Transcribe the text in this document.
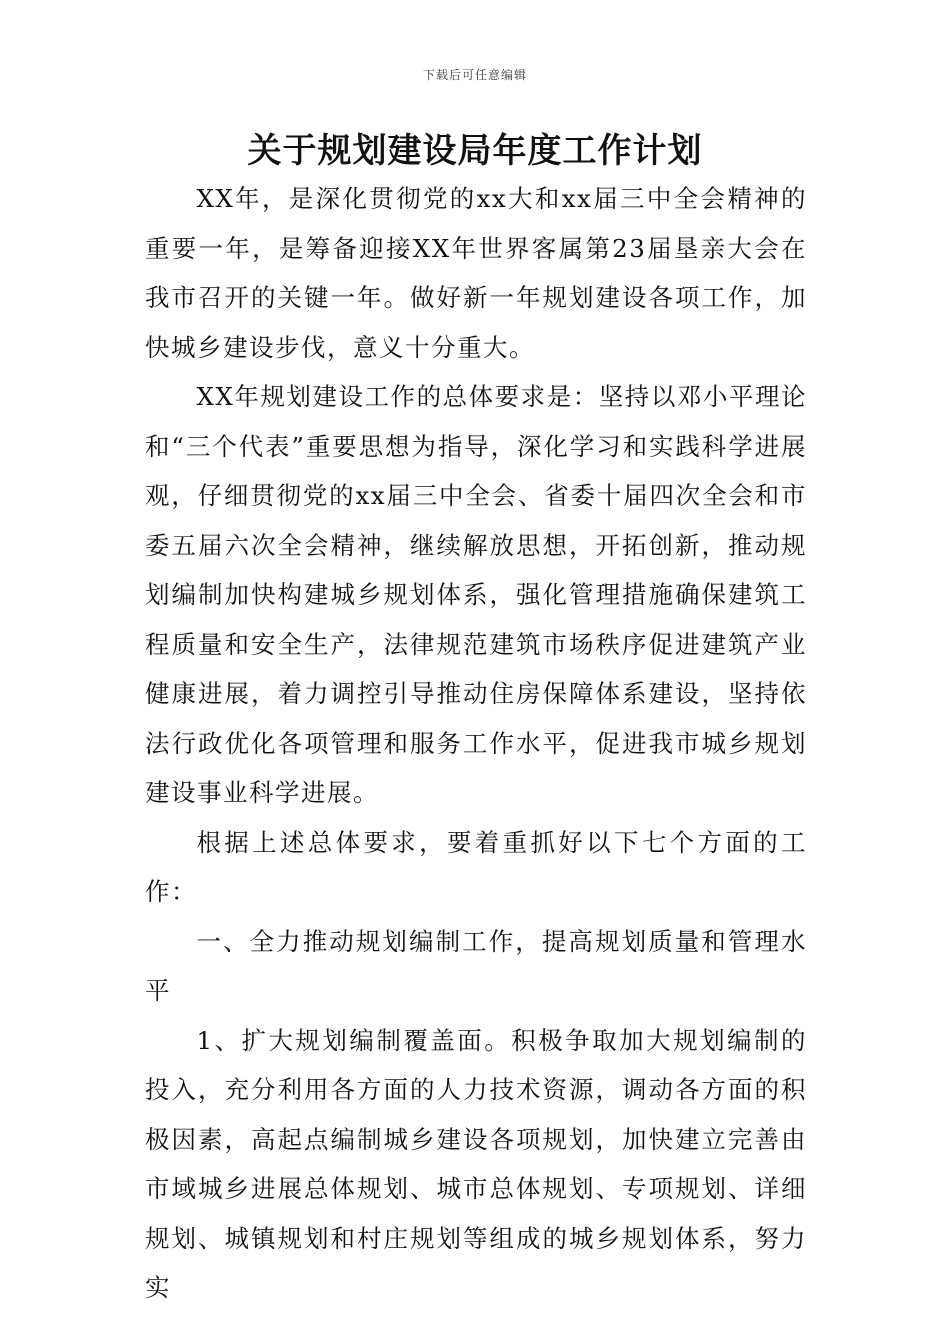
下载后可任意编辑
关于规划建设局年度工作计划

XX年，是深化贯彻党的xx大和xx届三中全会精神的重要一年，是筹备迎接XX年世界客属第23届垦亲大会在我市召开的关键一年。做好新一年规划建设各项工作，加快城乡建设步伐，意义十分重大。

XX年规划建设工作的总体要求是：坚持以邓小平理论和“三个代表”重要思想为指导，深化学习和实践科学进展观，仔细贯彻党的xx届三中全会、省委十届四次全会和市委五届六次全会精神，继续解放思想，开拓创新，推动规划编制加快构建城乡规划体系，强化管理措施确保建筑工程质量和安全生产，法律规范建筑市场秩序促进建筑产业健康进展，着力调控引导推动住房保障体系建设，坚持依法行政优化各项管理和服务工作水平，促进我市城乡规划建设事业科学进展。

根据上述总体要求，要着重抓好以下七个方面的工作：

一、全力推动规划编制工作，提高规划质量和管理水平

1、扩大规划编制覆盖面。积极争取加大规划编制的投入，充分利用各方面的人力技术资源，调动各方面的积极因素，高起点编制城乡建设各项规划，加快建立完善由市域城乡进展总体规划、城市总体规划、专项规划、详细规划、城镇规划和村庄规划等组成的城乡规划体系，努力实
